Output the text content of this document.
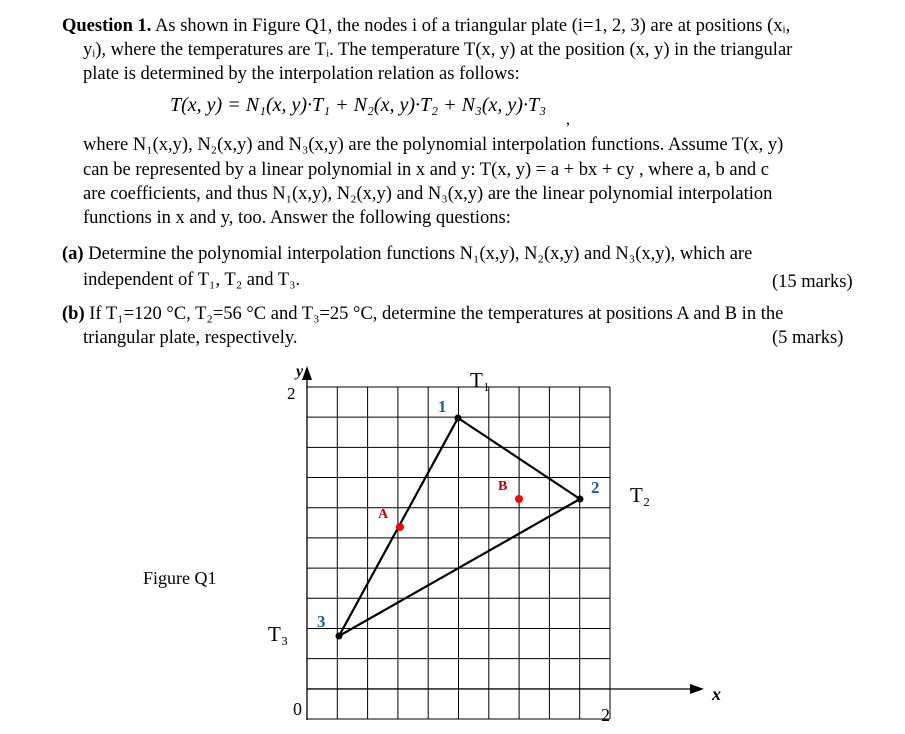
Question 1. As shown in Figure Q1, the nodes i of a triangular plate (i=1, 2, 3) are at positions (xᵢ,
yᵢ), where the temperatures are Tᵢ. The temperature T(x, y) at the position (x, y) in the triangular
plate is determined by the interpolation relation as follows:
T(x, y) = N₁(x, y)·T₁ + N₂(x, y)·T₂ + N₃(x, y)·T₃
,
where N₁(x,y), N₂(x,y) and N₃(x,y) are the polynomial interpolation functions. Assume T(x, y)
can be represented by a linear polynomial in x and y: T(x, y) = a + bx + cy , where a, b and c
are coefficients, and thus N₁(x,y), N₂(x,y) and N₃(x,y) are the linear polynomial interpolation
functions in x and y, too. Answer the following questions:
(a) Determine the polynomial interpolation functions N₁(x,y), N₂(x,y) and N₃(x,y), which are
independent of T₁, T₂ and T₃.	(15 marks)
(b) If T₁=120 °C, T₂=56 °C and T₃=25 °C, determine the temperatures at positions A and B in the
triangular plate, respectively.	(5 marks)
y
2
x
2
0
1
2
3
A
B
T₁
T₂
T₃
Figure Q1
